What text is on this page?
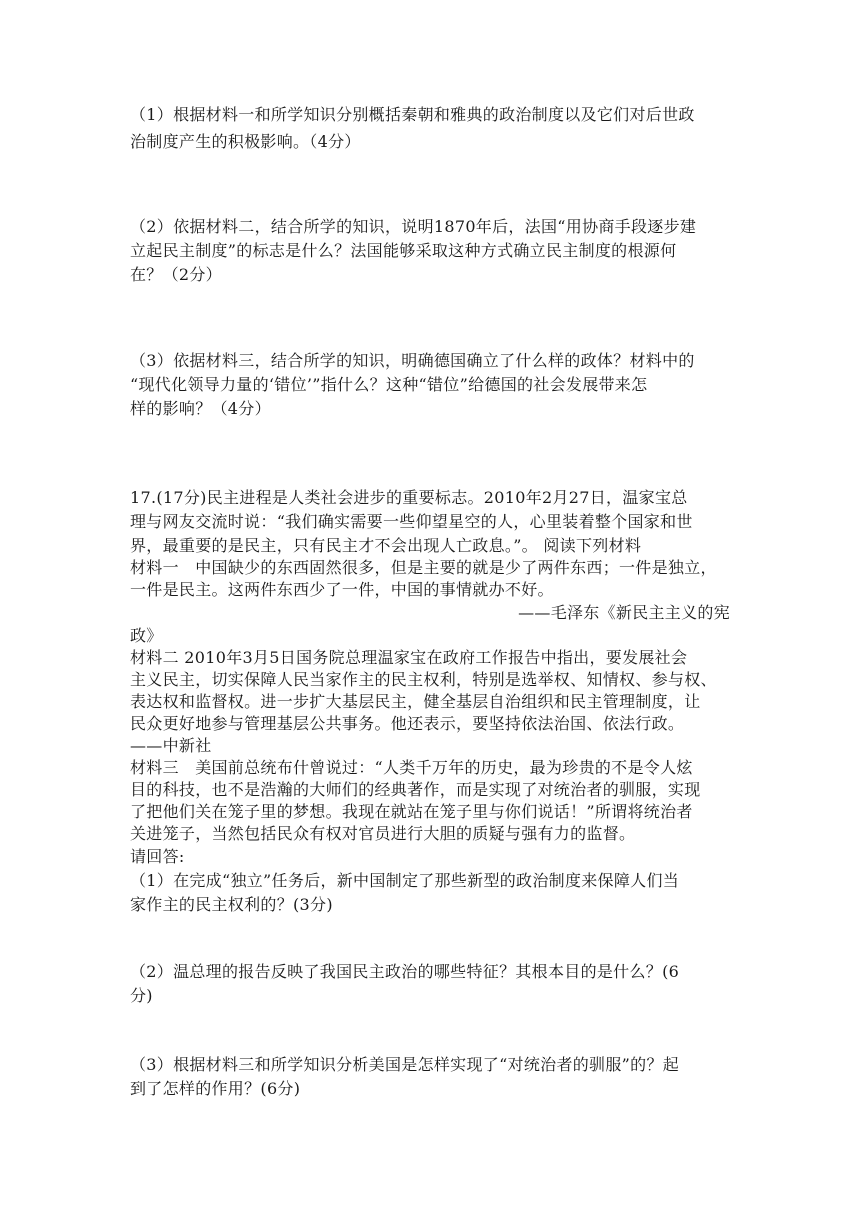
（1）根据材料一和所学知识分别概括秦朝和雅典的政治制度以及它们对后世政
治制度产生的积极影响。（4分）
（2）依据材料二，结合所学的知识，说明1870年后，法国“用协商手段逐步建
立起民主制度”的标志是什么？法国能够采取这种方式确立民主制度的根源何
在？（2分）
（3）依据材料三，结合所学的知识，明确德国确立了什么样的政体？材料中的
“现代化领导力量的‘错位’”指什么？这种“错位”给德国的社会发展带来怎
样的影响？（4分）
17.(17分)民主进程是人类社会进步的重要标志。2010年2月27日，温家宝总
理与网友交流时说：“我们确实需要一些仰望星空的人，心里装着整个国家和世
界，最重要的是民主，只有民主才不会出现人亡政息。”。 阅读下列材料
材料一　中国缺少的东西固然很多，但是主要的就是少了两件东西；一件是独立，
一件是民主。这两件东西少了一件，中国的事情就办不好。
——毛泽东《新民主主义的宪
政》
材料二 2010年3月5日国务院总理温家宝在政府工作报告中指出，要发展社会
主义民主，切实保障人民当家作主的民主权利，特别是选举权、知情权、参与权、
表达权和监督权。进一步扩大基层民主，健全基层自治组织和民主管理制度，让
民众更好地参与管理基层公共事务。他还表示，要坚持依法治国、依法行政。
——中新社
材料三　美国前总统布什曾说过：“人类千万年的历史，最为珍贵的不是令人炫
目的科技，也不是浩瀚的大师们的经典著作，而是实现了对统治者的驯服，实现
了把他们关在笼子里的梦想。我现在就站在笼子里与你们说话！”所谓将统治者
关进笼子，当然包括民众有权对官员进行大胆的质疑与强有力的监督。
请回答:
（1）在完成“独立”任务后，新中国制定了那些新型的政治制度来保障人们当
家作主的民主权利的？(3分)
（2）温总理的报告反映了我国民主政治的哪些特征？其根本目的是什么？(6
分)
（3）根据材料三和所学知识分析美国是怎样实现了“对统治者的驯服”的？起
到了怎样的作用？(6分)
